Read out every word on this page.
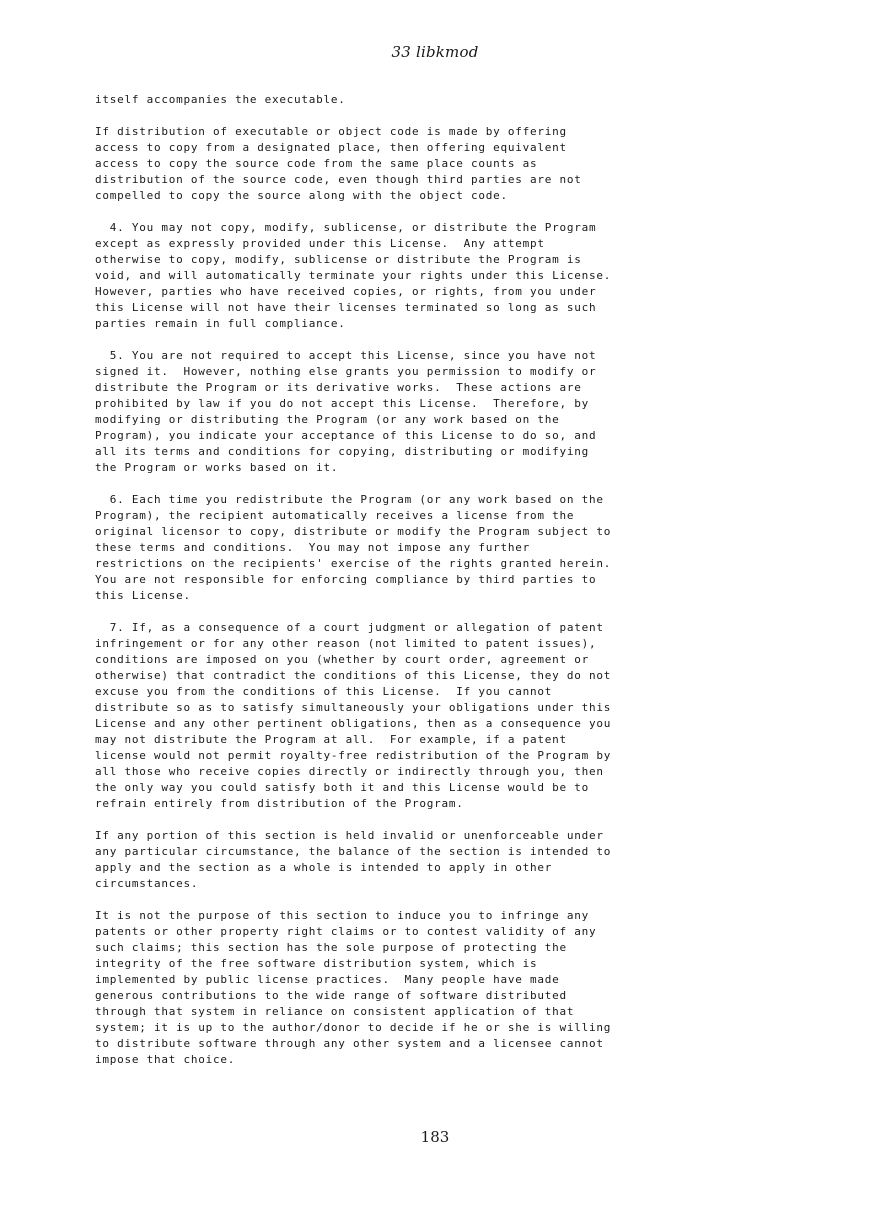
33 libkmod

itself accompanies the executable.

If distribution of executable or object code is made by offering
access to copy from a designated place, then offering equivalent
access to copy the source code from the same place counts as
distribution of the source code, even though third parties are not
compelled to copy the source along with the object code.

4. You may not copy, modify, sublicense, or distribute the Program
except as expressly provided under this License.  Any attempt
otherwise to copy, modify, sublicense or distribute the Program is
void, and will automatically terminate your rights under this License.
However, parties who have received copies, or rights, from you under
this License will not have their licenses terminated so long as such
parties remain in full compliance.

5. You are not required to accept this License, since you have not
signed it.  However, nothing else grants you permission to modify or
distribute the Program or its derivative works.  These actions are
prohibited by law if you do not accept this License.  Therefore, by
modifying or distributing the Program (or any work based on the
Program), you indicate your acceptance of this License to do so, and
all its terms and conditions for copying, distributing or modifying
the Program or works based on it.

6. Each time you redistribute the Program (or any work based on the
Program), the recipient automatically receives a license from the
original licensor to copy, distribute or modify the Program subject to
these terms and conditions.  You may not impose any further
restrictions on the recipients' exercise of the rights granted herein.
You are not responsible for enforcing compliance by third parties to
this License.

7. If, as a consequence of a court judgment or allegation of patent
infringement or for any other reason (not limited to patent issues),
conditions are imposed on you (whether by court order, agreement or
otherwise) that contradict the conditions of this License, they do not
excuse you from the conditions of this License.  If you cannot
distribute so as to satisfy simultaneously your obligations under this
License and any other pertinent obligations, then as a consequence you
may not distribute the Program at all.  For example, if a patent
license would not permit royalty-free redistribution of the Program by
all those who receive copies directly or indirectly through you, then
the only way you could satisfy both it and this License would be to
refrain entirely from distribution of the Program.

If any portion of this section is held invalid or unenforceable under
any particular circumstance, the balance of the section is intended to
apply and the section as a whole is intended to apply in other
circumstances.

It is not the purpose of this section to induce you to infringe any
patents or other property right claims or to contest validity of any
such claims; this section has the sole purpose of protecting the
integrity of the free software distribution system, which is
implemented by public license practices.  Many people have made
generous contributions to the wide range of software distributed
through that system in reliance on consistent application of that
system; it is up to the author/donor to decide if he or she is willing
to distribute software through any other system and a licensee cannot
impose that choice.

183
